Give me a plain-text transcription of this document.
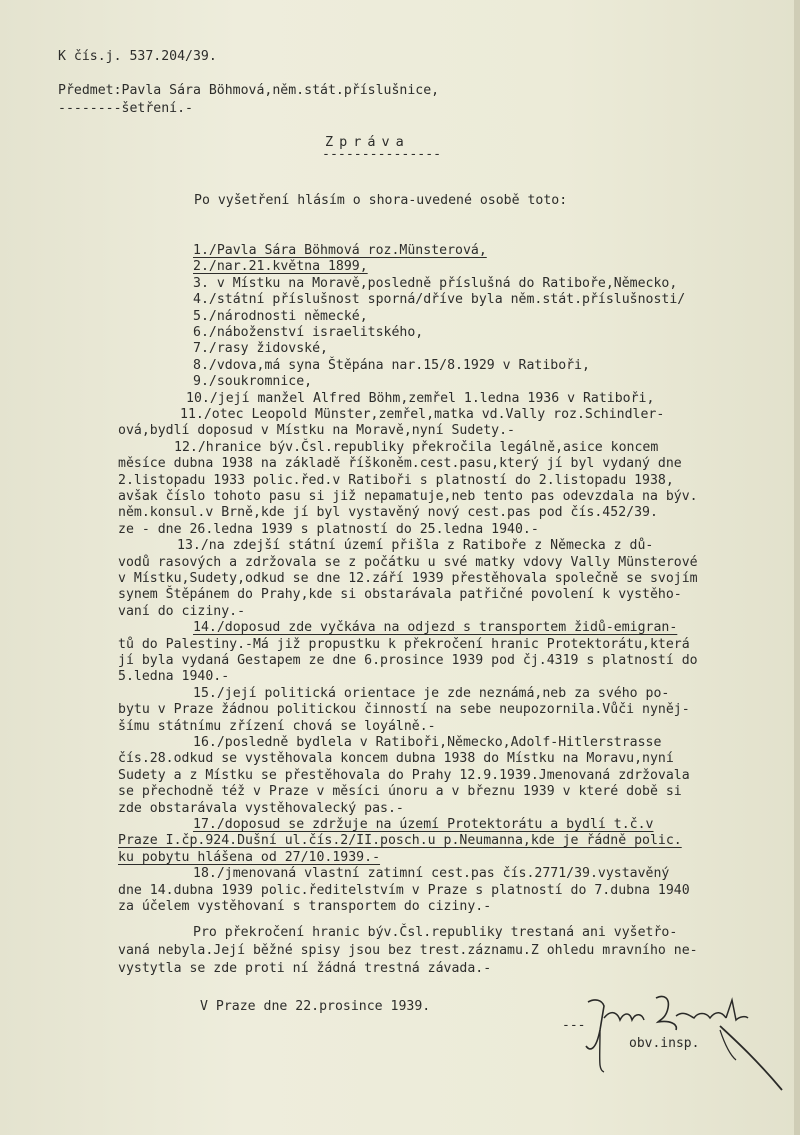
K čís.j. 537.204/39.
Předmet:Pavla Sára Böhmová,něm.stát.příslušnice,
--------šetření.-
Zpráva
---------------
Po vyšetření hlásím o shora-uvedené osobě toto:
1./Pavla Sára Böhmová roz.Münsterová,
2./nar.21.května 1899,
3. v Místku na Moravě,posledně příslušná do Ratiboře,Německo,
4./státní příslušnost sporná/dříve byla něm.stát.příslušnosti/
5./národnosti německé,
6./náboženství israelitského,
7./rasy židovské,
8./vdova,má syna Štěpána nar.15/8.1929 v Ratiboři,
9./soukromnice,
10./její manžel Alfred Böhm,zemřel 1.ledna 1936 v Ratiboři,
11./otec Leopold Münster,zemřel,matka vd.Vally roz.Schindler-
ová,bydlí doposud v Místku na Moravě,nyní Sudety.-
12./hranice býv.Čsl.republiky překročila legálně,asice koncem
měsíce dubna 1938 na základě říškoněm.cest.pasu,který jí byl vydaný dne
2.listopadu 1933 polic.řed.v Ratiboři s platností do 2.listopadu 1938,
avšak číslo tohoto pasu si již nepamatuje,neb tento pas odevzdala na býv.
něm.konsul.v Brně,kde jí byl vystavěný nový cest.pas pod čís.452/39.
ze - dne 26.ledna 1939 s platností do 25.ledna 1940.-
13./na zdejší státní území přišla z Ratiboře z Německa z dů-
vodů rasových a zdržovala se z počátku u své matky vdovy Vally Münsterové
v Místku,Sudety,odkud se dne 12.září 1939 přestěhovala společně se svojím
synem Štěpánem do Prahy,kde si obstarávala patřičné povolení k vystěho-
vaní do ciziny.-
14./doposud zde vyčkáva na odjezd s transportem židů-emigran-
tů do Palestiny.-Má již propustku k překročení hranic Protektorátu,která
jí byla vydaná Gestapem ze dne 6.prosince 1939 pod čj.4319 s platností do
5.ledna 1940.-
15./její politická orientace je zde neznámá,neb za svého po-
bytu v Praze žádnou politickou činností na sebe neupozornila.Vůči nyněj-
šímu státnímu zřízení chová se loyálně.-
16./posledně bydlela v Ratiboři,Německo,Adolf-Hitlerstrasse
čís.28.odkud se vystěhovala koncem dubna 1938 do Místku na Moravu,nyní
Sudety a z Místku se přestěhovala do Prahy 12.9.1939.Jmenovaná zdržovala
se přechodně též v Praze v měsíci únoru a v březnu 1939 v které době si
zde obstarávala vystěhovalecký pas.-
17./doposud se zdržuje na území Protektorátu a bydlí t.č.v
Praze I.čp.924.Dušní ul.čís.2/II.posch.u p.Neumanna,kde je řádně polic.
ku pobytu hlášena od 27/10.1939.-
18./jmenovaná vlastní zatimní cest.pas čís.2771/39.vystavěný
dne 14.dubna 1939 polic.ředitelstvím v Praze s platností do 7.dubna 1940
za účelem vystěhovaní s transportem do ciziny.-
Pro překročení hranic býv.Čsl.republiky trestaná ani vyšetřo-
vaná nebyla.Její běžné spisy jsou bez trest.záznamu.Z ohledu mravního ne-
vystytla se zde proti ní žádná trestná závada.-
V Praze dne 22.prosince 1939.
---
obv.insp.
